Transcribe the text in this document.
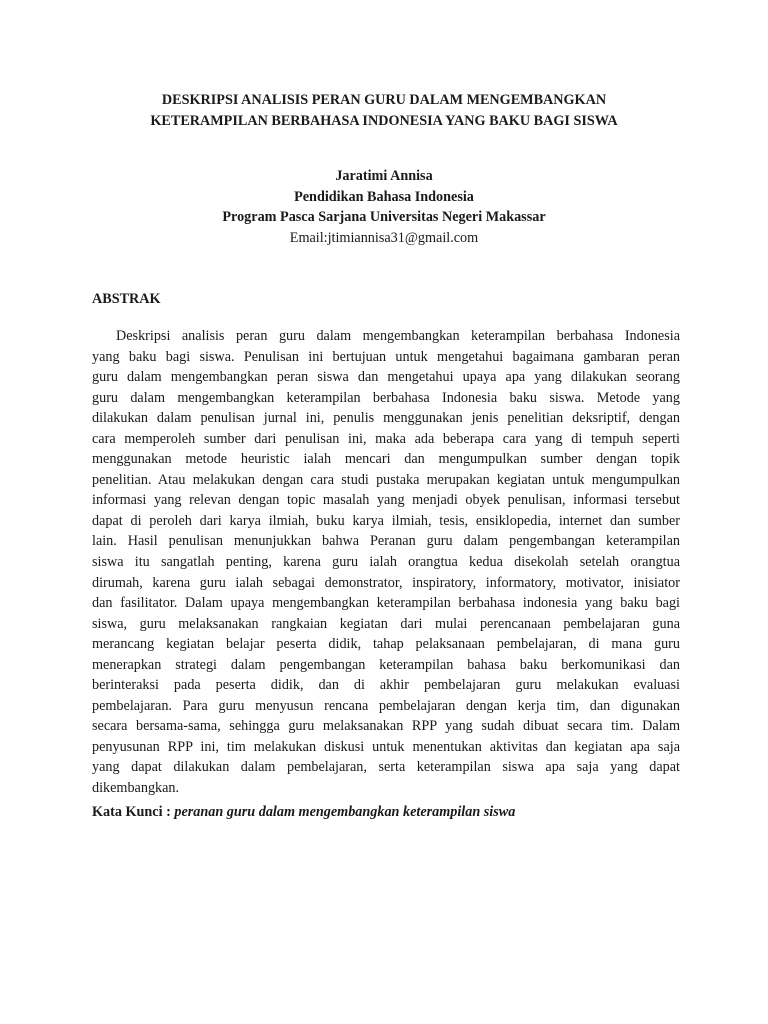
DESKRIPSI ANALISIS PERAN GURU DALAM MENGEMBANGKAN
KETERAMPILAN BERBAHASA INDONESIA YANG BAKU BAGI SISWA
Jaratimi Annisa
Pendidikan Bahasa Indonesia
Program Pasca Sarjana Universitas Negeri Makassar
Email:jtimiannisa31@gmail.com
ABSTRAK
Deskripsi analisis peran guru dalam mengembangkan keterampilan berbahasa Indonesia
yang baku bagi siswa. Penulisan ini bertujuan untuk mengetahui bagaimana gambaran peran
guru dalam mengembangkan peran siswa dan mengetahui upaya apa yang dilakukan seorang
guru dalam mengembangkan keterampilan berbahasa Indonesia baku siswa. Metode yang
dilakukan dalam penulisan jurnal ini, penulis menggunakan jenis penelitian deksriptif, dengan
cara memperoleh sumber dari penulisan ini, maka ada beberapa cara yang di tempuh seperti
menggunakan metode heuristic ialah mencari dan mengumpulkan sumber dengan topik
penelitian. Atau melakukan dengan cara studi pustaka merupakan kegiatan untuk mengumpulkan
informasi yang relevan dengan topic masalah yang menjadi obyek penulisan, informasi tersebut
dapat di peroleh dari karya ilmiah, buku karya ilmiah, tesis, ensiklopedia, internet dan sumber
lain. Hasil penulisan menunjukkan bahwa Peranan guru dalam pengembangan keterampilan
siswa itu sangatlah penting, karena guru ialah orangtua kedua disekolah setelah orangtua
dirumah, karena guru ialah sebagai demonstrator, inspiratory, informatory, motivator, inisiator
dan fasilitator. Dalam upaya mengembangkan keterampilan berbahasa indonesia yang baku bagi
siswa, guru melaksanakan rangkaian kegiatan dari mulai perencanaan pembelajaran guna
merancang kegiatan belajar peserta didik, tahap pelaksanaan pembelajaran, di mana guru
menerapkan strategi dalam pengembangan keterampilan bahasa baku berkomunikasi dan
berinteraksi pada peserta didik, dan di akhir pembelajaran guru melakukan evaluasi
pembelajaran. Para guru menyusun rencana pembelajaran dengan kerja tim, dan digunakan
secara bersama-sama, sehingga guru melaksanakan RPP yang sudah dibuat secara tim. Dalam
penyusunan RPP ini, tim melakukan diskusi untuk menentukan aktivitas dan kegiatan apa saja
yang dapat dilakukan dalam pembelajaran, serta keterampilan siswa apa saja yang dapat
dikembangkan.
Kata Kunci : peranan guru dalam mengembangkan keterampilan siswa
